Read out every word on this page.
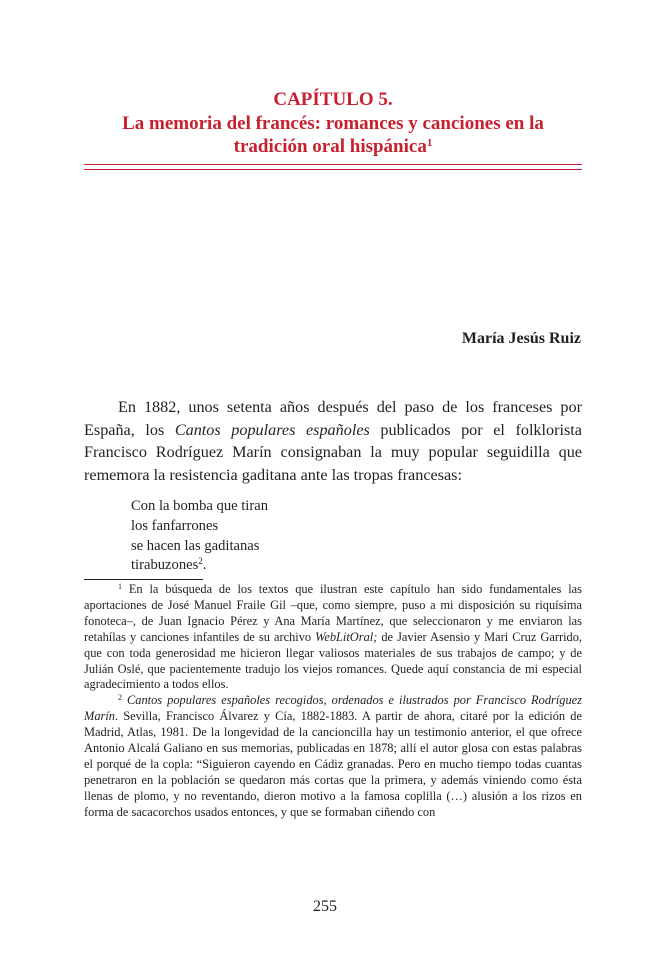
CAPÍTULO 5.
La memoria del francés: romances y canciones en la
tradición oral hispánica$^1$
María Jesús Ruiz

En 1882, unos setenta años después del paso de los franceses por España, los Cantos populares españoles publicados por el folklorista Francisco Rodríguez Marín consignaban la muy popular seguidilla que rememora la resistencia gaditana ante las tropas francesas:

Con la bomba que tiran
los fanfarrones
se hacen las gaditanas
tirabuzones$^2$.

$^1$ En la búsqueda de los textos que ilustran este capítulo han sido fundamentales las aportaciones de José Manuel Fraile Gil –que, como siempre, puso a mi disposición su riquísima fonoteca–, de Juan Ignacio Pérez y Ana María Martínez, que seleccionaron y me enviaron las retahílas y canciones infantiles de su archivo WebLitOral; de Javier Asensio y Mari Cruz Garrido, que con toda generosidad me hicieron llegar valiosos materiales de sus trabajos de campo; y de Julián Oslé, que pacientemente tradujo los viejos romances. Quede aquí constancia de mi especial agradecimiento a todos ellos.

$^2$ Cantos populares españoles recogidos, ordenados e ilustrados por Francisco Rodríguez Marín. Sevilla, Francisco Álvarez y Cía, 1882-1883. A partir de ahora, citaré por la edición de Madrid, Atlas, 1981. De la longevidad de la cancioncilla hay un testimonio anterior, el que ofrece Antonio Alcalá Galiano en sus memorias, publicadas en 1878; allí el autor glosa con estas palabras el porqué de la copla: “Siguieron cayendo en Cádiz granadas. Pero en mucho tiempo todas cuantas penetraron en la población se quedaron más cortas que la primera, y además viniendo como ésta llenas de plomo, y no reventando, dieron motivo a la famosa coplilla (…) alusión a los rizos en forma de sacacorchos usados entonces, y que se formaban ciñendo con

255
